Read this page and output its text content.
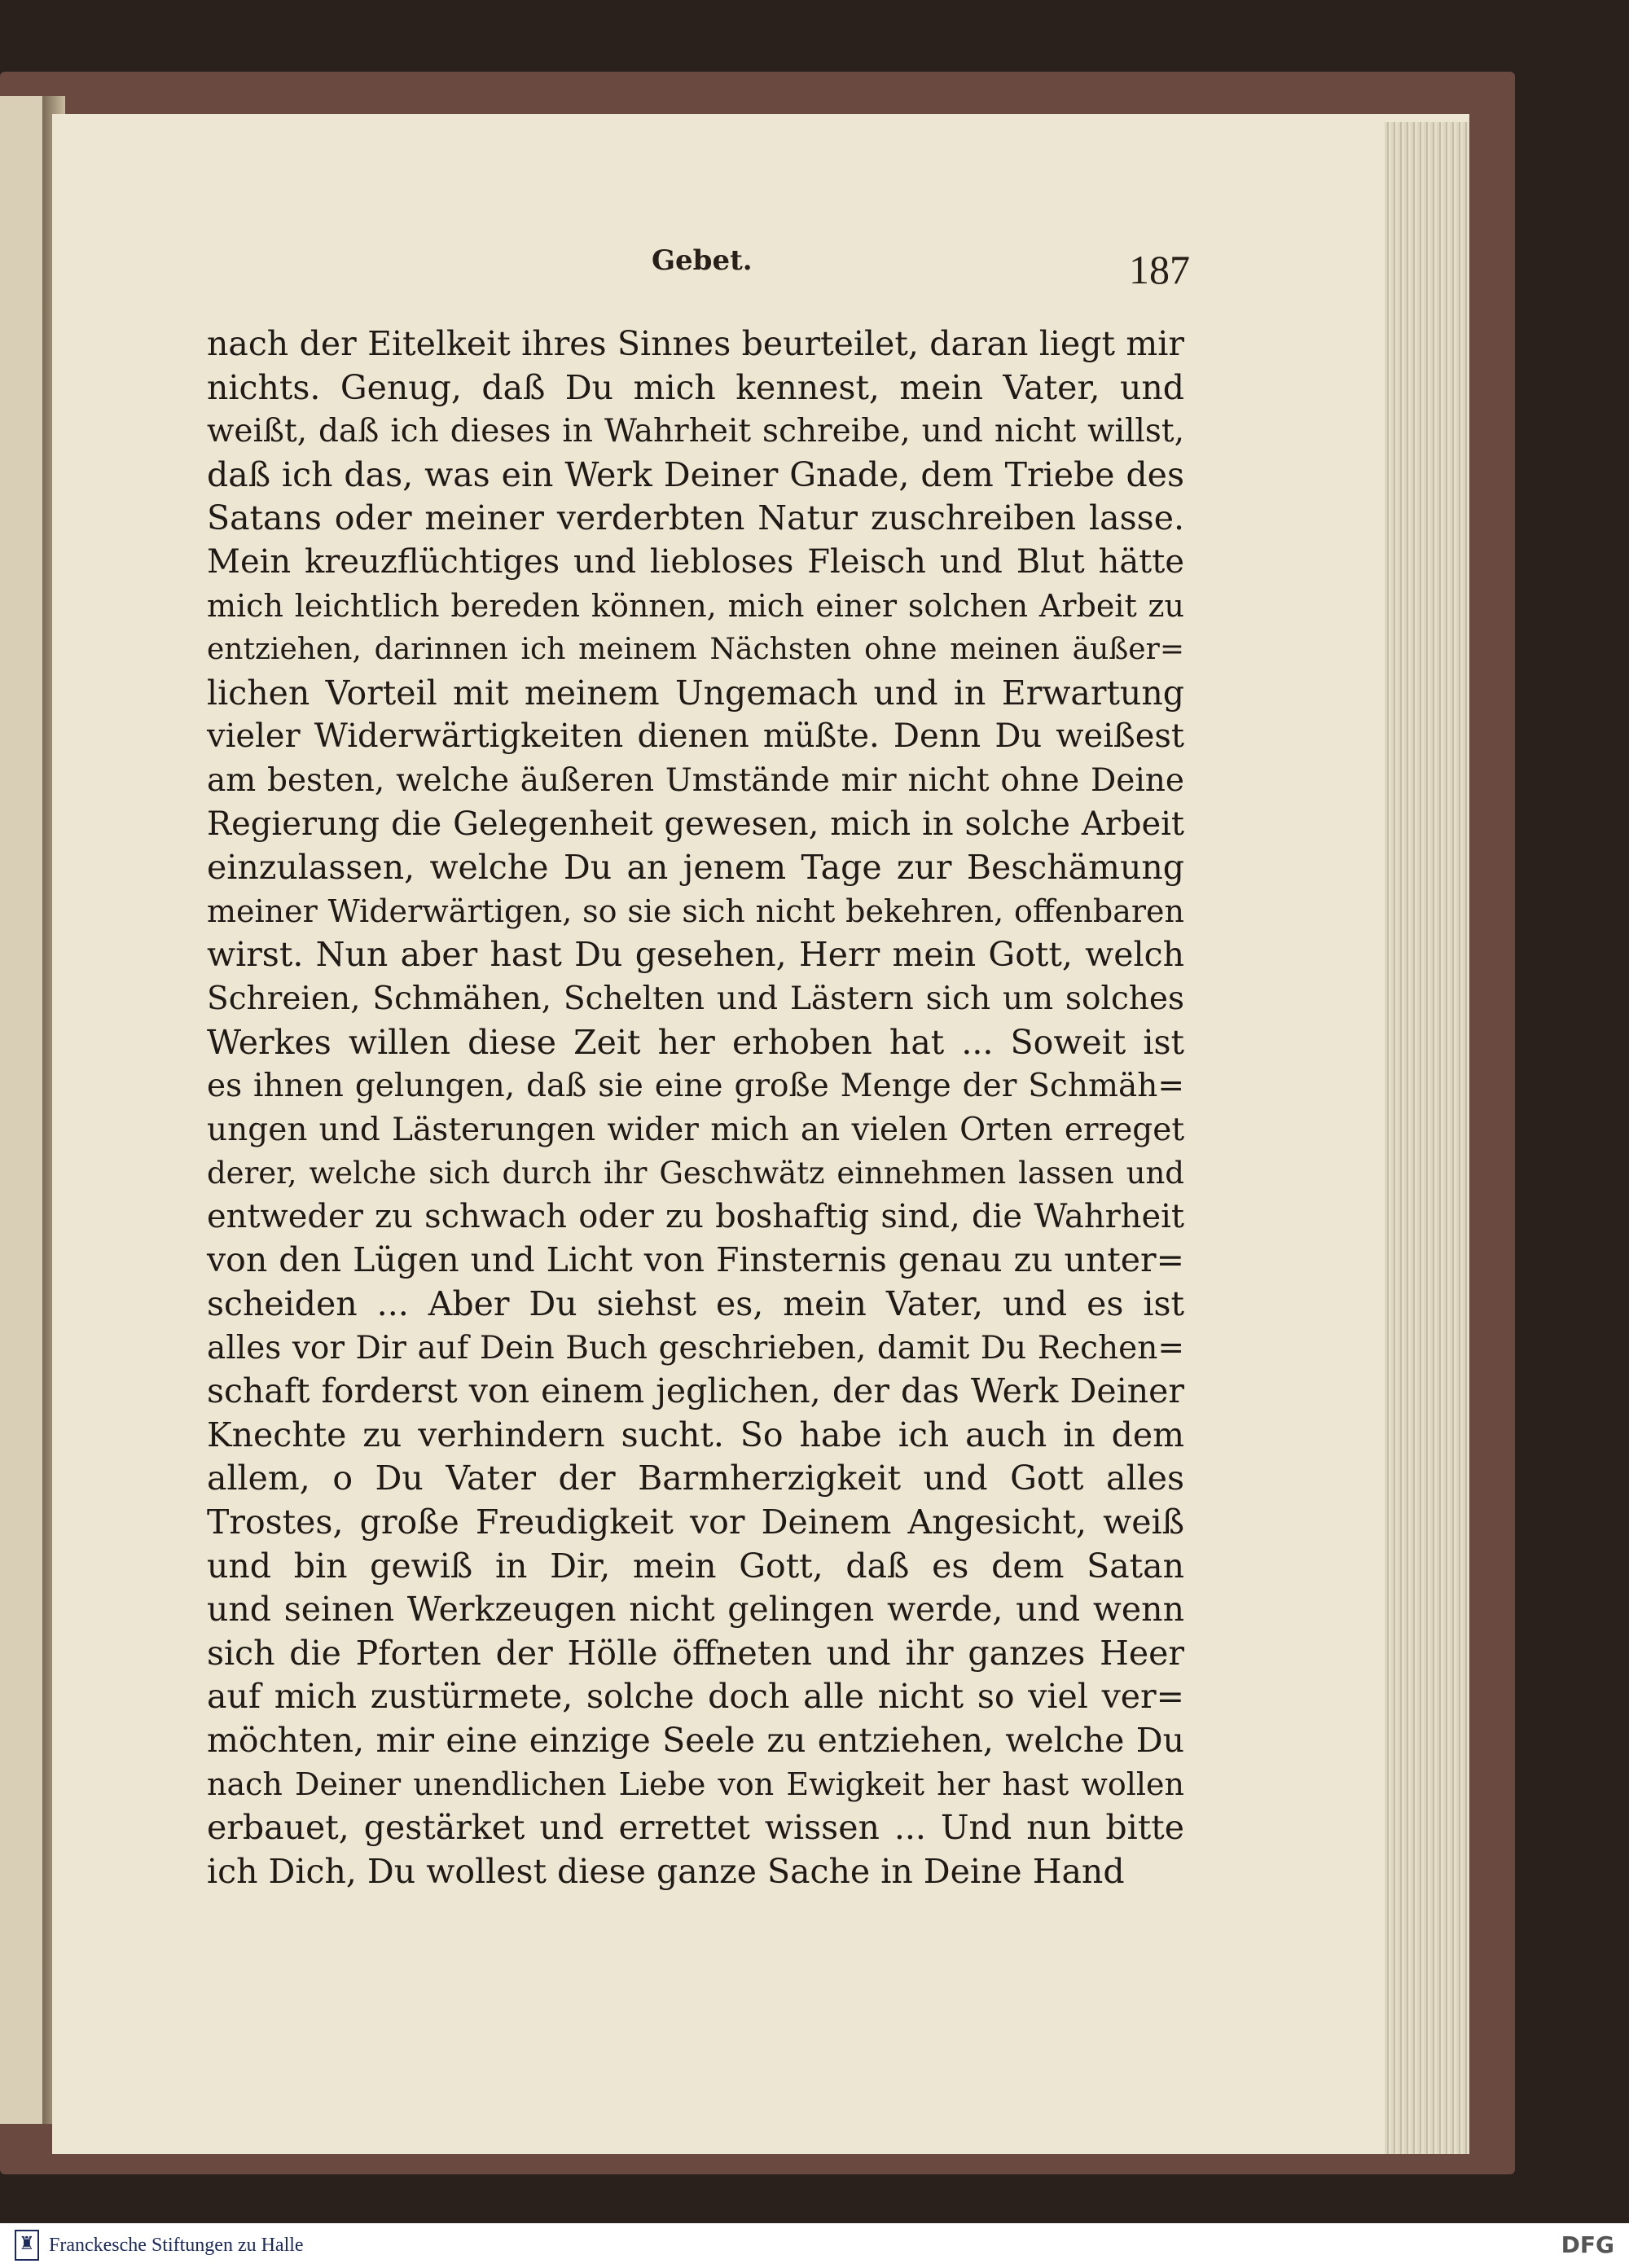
Gebet.	187
nach der Eitelkeit ihres Sinnes beurteilet, daran liegt mir
nichts. Genug, daß Du mich kennest, mein Vater, und
weißt, daß ich dieses in Wahrheit schreibe, und nicht willst,
daß ich das, was ein Werk Deiner Gnade, dem Triebe des
Satans oder meiner verderbten Natur zuschreiben lasse.
Mein kreuzflüchtiges und liebloses Fleisch und Blut hätte
mich leichtlich bereden können, mich einer solchen Arbeit zu
entziehen, darinnen ich meinem Nächsten ohne meinen äußer=
lichen Vorteil mit meinem Ungemach und in Erwartung
vieler Widerwärtigkeiten dienen müßte. Denn Du weißest
am besten, welche äußeren Umstände mir nicht ohne Deine
Regierung die Gelegenheit gewesen, mich in solche Arbeit
einzulassen, welche Du an jenem Tage zur Beschämung
meiner Widerwärtigen, so sie sich nicht bekehren, offenbaren
wirst. Nun aber hast Du gesehen, Herr mein Gott, welch
Schreien, Schmähen, Schelten und Lästern sich um solches
Werkes willen diese Zeit her erhoben hat ... Soweit ist
es ihnen gelungen, daß sie eine große Menge der Schmäh=
ungen und Lästerungen wider mich an vielen Orten erreget
derer, welche sich durch ihr Geschwätz einnehmen lassen und
entweder zu schwach oder zu boshaftig sind, die Wahrheit
von den Lügen und Licht von Finsternis genau zu unter=
scheiden ... Aber Du siehst es, mein Vater, und es ist
alles vor Dir auf Dein Buch geschrieben, damit Du Rechen=
schaft forderst von einem jeglichen, der das Werk Deiner
Knechte zu verhindern sucht. So habe ich auch in dem
allem, o Du Vater der Barmherzigkeit und Gott alles
Trostes, große Freudigkeit vor Deinem Angesicht, weiß
und bin gewiß in Dir, mein Gott, daß es dem Satan
und seinen Werkzeugen nicht gelingen werde, und wenn
sich die Pforten der Hölle öffneten und ihr ganzes Heer
auf mich zustürmete, solche doch alle nicht so viel ver=
möchten, mir eine einzige Seele zu entziehen, welche Du
nach Deiner unendlichen Liebe von Ewigkeit her hast wollen
erbauet, gestärket und errettet wissen ... Und nun bitte
ich Dich, Du wollest diese ganze Sache in Deine Hand
♜ Franckesche Stiftungen zu Halle	DFG
